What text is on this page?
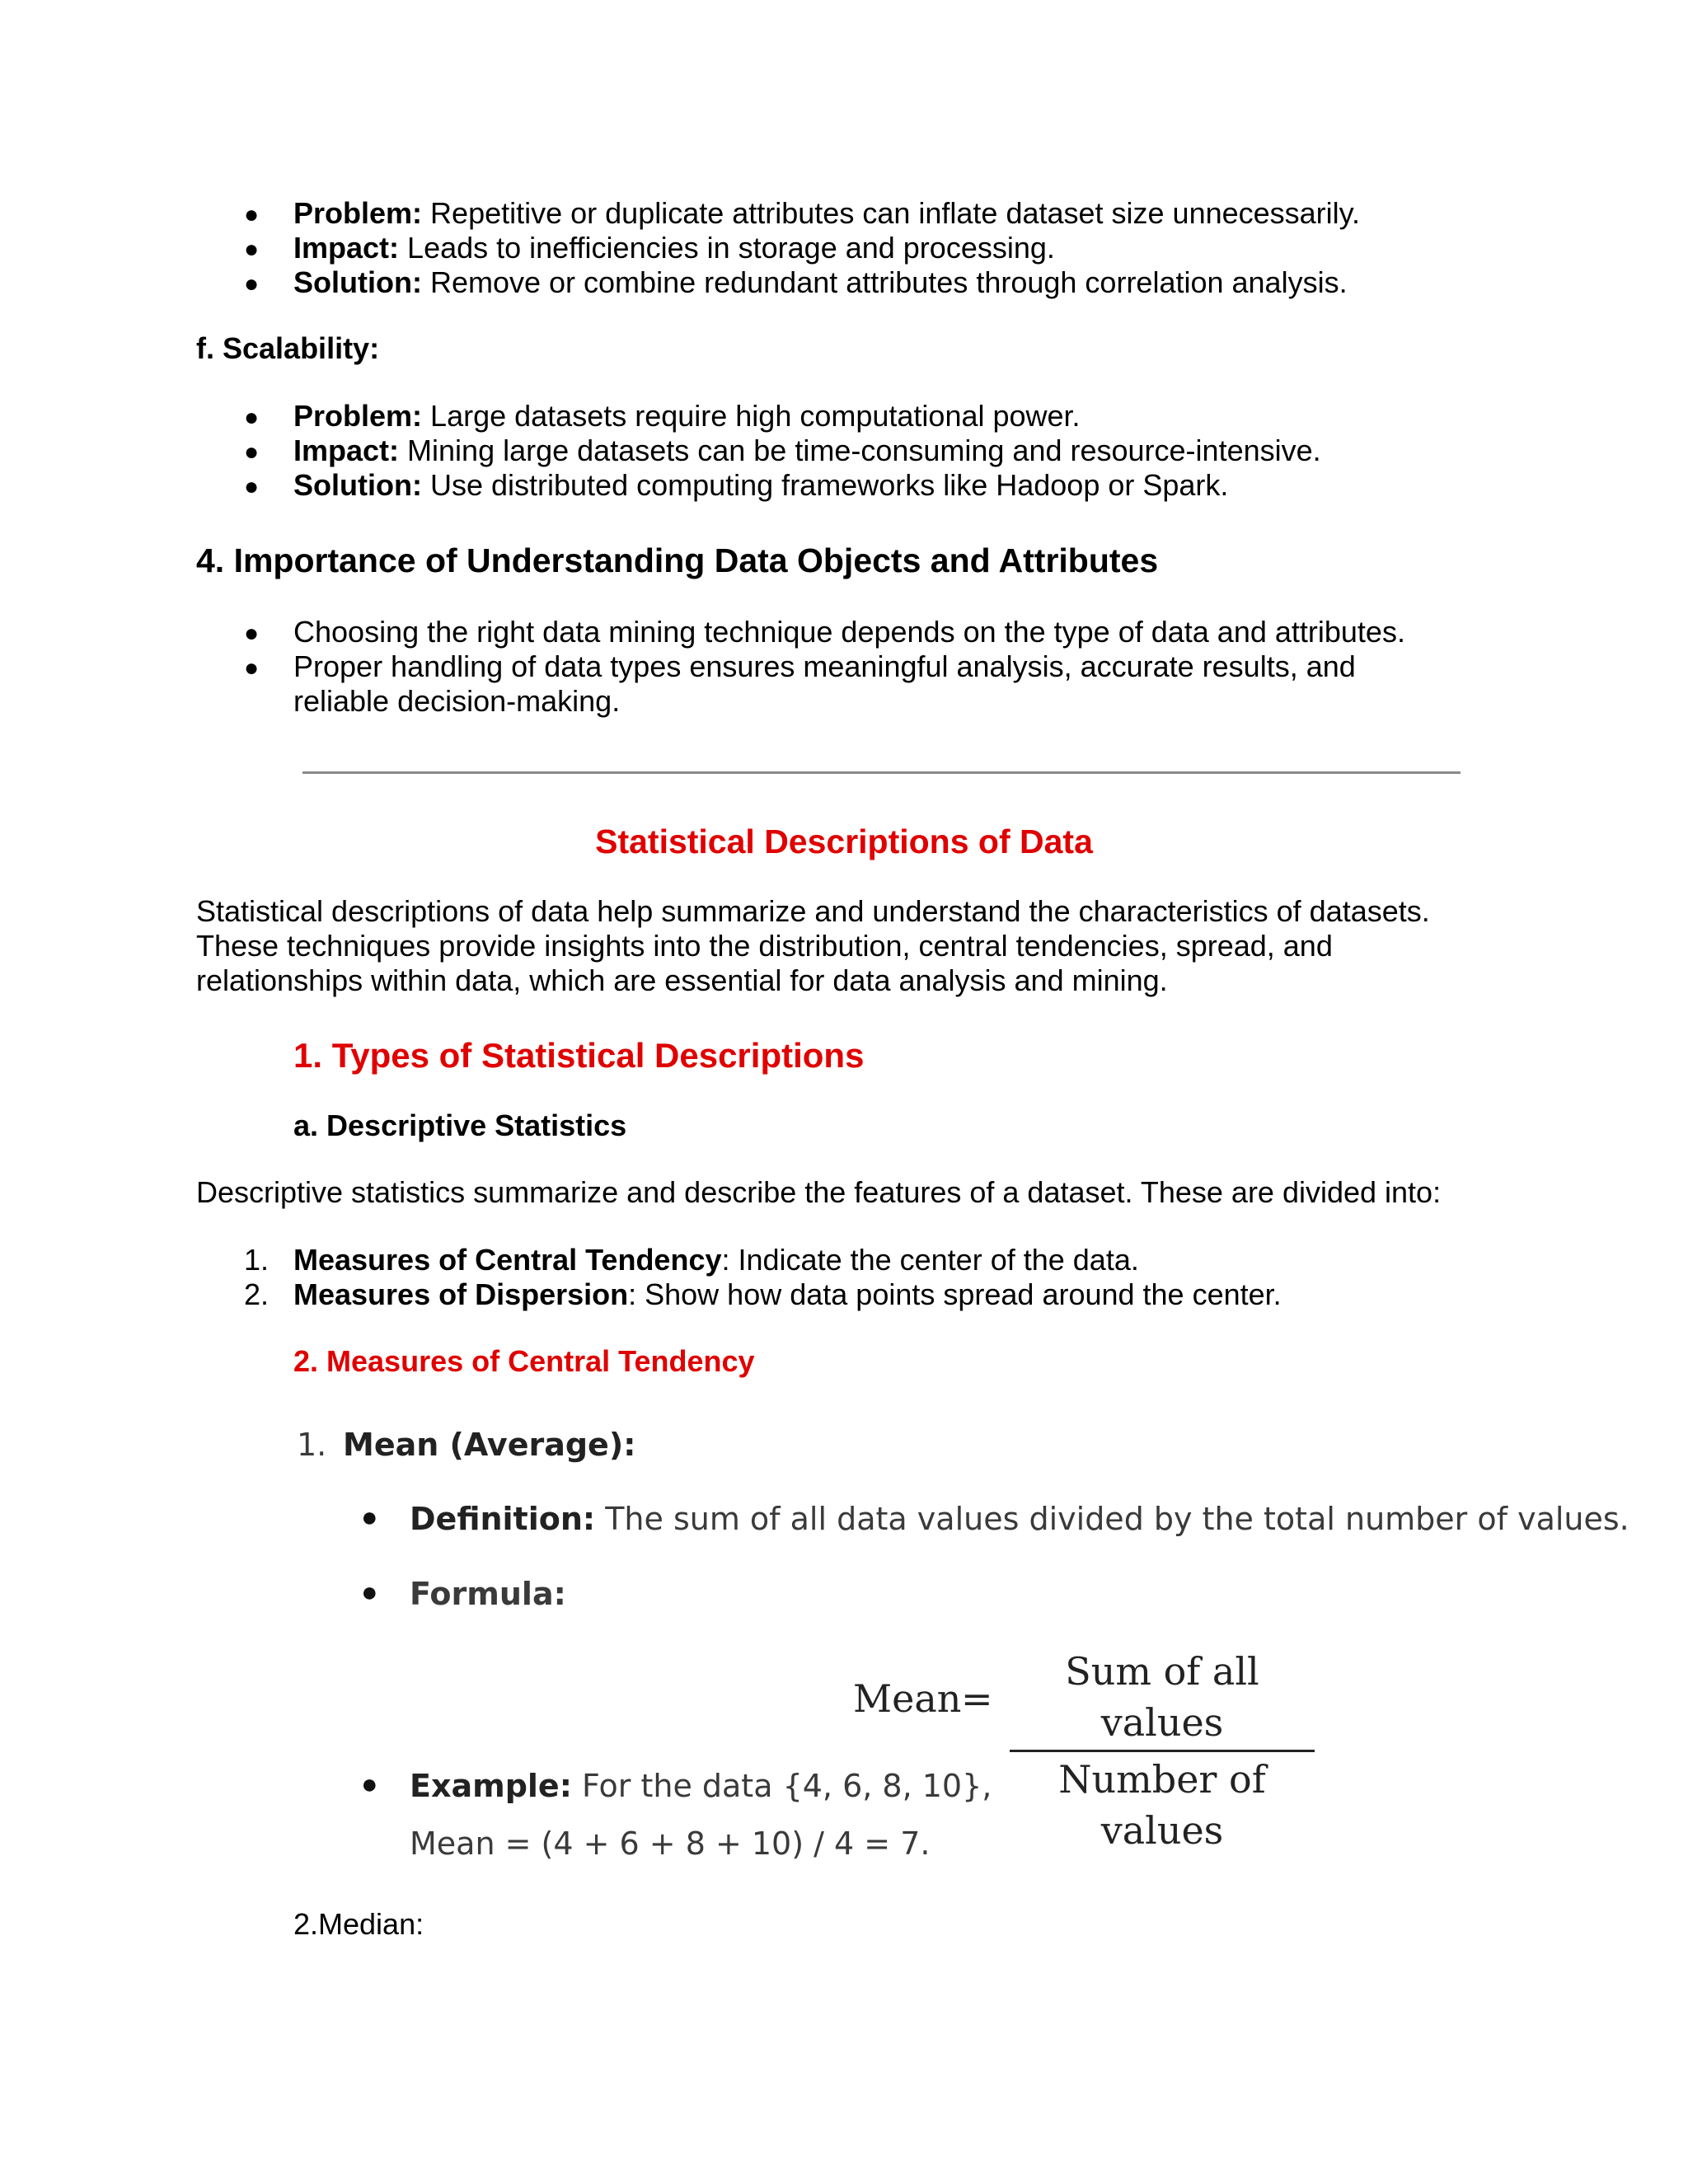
● Problem: Repetitive or duplicate attributes can inflate dataset size unnecessarily.
● Impact: Leads to inefficiencies in storage and processing.
● Solution: Remove or combine redundant attributes through correlation analysis.
f. Scalability:
● Problem: Large datasets require high computational power.
● Impact: Mining large datasets can be time-consuming and resource-intensive.
● Solution: Use distributed computing frameworks like Hadoop or Spark.
4. Importance of Understanding Data Objects and Attributes
● Choosing the right data mining technique depends on the type of data and attributes.
● Proper handling of data types ensures meaningful analysis, accurate results, and
reliable decision-making.
Statistical Descriptions of Data
Statistical descriptions of data help summarize and understand the characteristics of datasets.
These techniques provide insights into the distribution, central tendencies, spread, and
relationships within data, which are essential for data analysis and mining.
1. Types of Statistical Descriptions
a. Descriptive Statistics
Descriptive statistics summarize and describe the features of a dataset. These are divided into:
1. Measures of Central Tendency: Indicate the center of the data.
2. Measures of Dispersion: Show how data points spread around the center.
2. Measures of Central Tendency
1. Mean (Average):
● Definition: The sum of all data values divided by the total number of values.
● Formula:
Mean =
Sum of all values
Number of values
● Example: For the data {4, 6, 8, 10},
Mean = (4 + 6 + 8 + 10) / 4 = 7.
2.Median:
